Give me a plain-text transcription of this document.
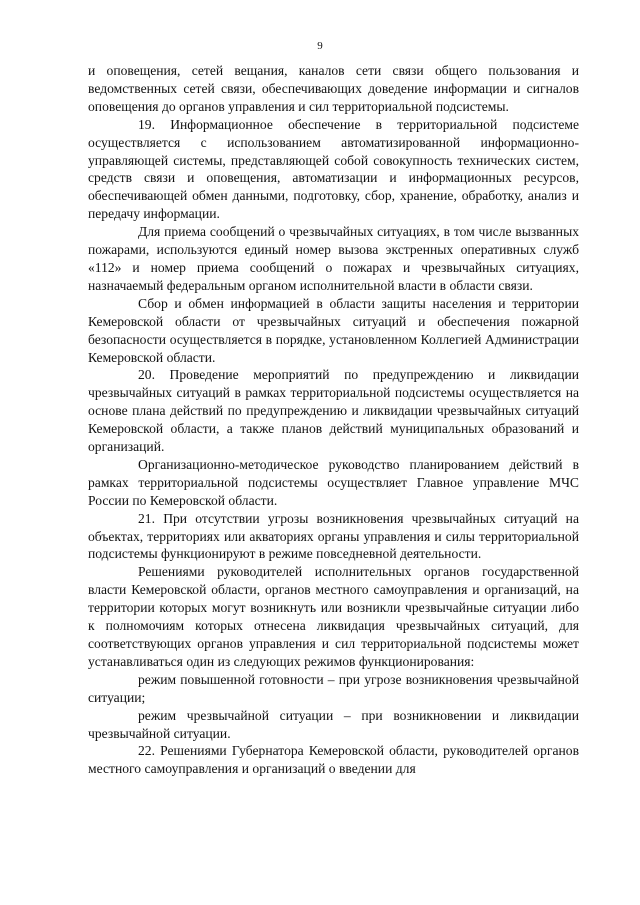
9

и оповещения, сетей вещания, каналов сети связи общего пользования и ведомственных сетей связи, обеспечивающих доведение информации и сигналов оповещения до органов управления и сил территориальной подсистемы.

19. Информационное обеспечение в территориальной подсистеме осуществляется с использованием автоматизированной информационно-управляющей системы, представляющей собой совокупность технических систем, средств связи и оповещения, автоматизации и информационных ресурсов, обеспечивающей обмен данными, подготовку, сбор, хранение, обработку, анализ и передачу информации.

Для приема сообщений о чрезвычайных ситуациях, в том числе вызванных пожарами, используются единый номер вызова экстренных оперативных служб «112» и номер приема сообщений о пожарах и чрезвычайных ситуациях, назначаемый федеральным органом исполнительной власти в области связи.

Сбор и обмен информацией в области защиты населения и территории Кемеровской области от чрезвычайных ситуаций и обеспечения пожарной безопасности осуществляется в порядке, установленном Коллегией Администрации Кемеровской области.

20. Проведение мероприятий по предупреждению и ликвидации чрезвычайных ситуаций в рамках территориальной подсистемы осуществляется на основе плана действий по предупреждению и ликвидации чрезвычайных ситуаций Кемеровской области, а также планов действий муниципальных образований и организаций.

Организационно-методическое руководство планированием действий в рамках территориальной подсистемы осуществляет Главное управление МЧС России по Кемеровской области.

21. При отсутствии угрозы возникновения чрезвычайных ситуаций на объектах, территориях или акваториях органы управления и силы территориальной подсистемы функционируют в режиме повседневной деятельности.

Решениями руководителей исполнительных органов государственной власти Кемеровской области, органов местного самоуправления и организаций, на территории которых могут возникнуть или возникли чрезвычайные ситуации либо к полномочиям которых отнесена ликвидация чрезвычайных ситуаций, для соответствующих органов управления и сил территориальной подсистемы может устанавливаться один из следующих режимов функционирования:

режим повышенной готовности – при угрозе возникновения чрезвычайной ситуации;

режим чрезвычайной ситуации – при возникновении и ликвидации чрезвычайной ситуации.

22. Решениями Губернатора Кемеровской области, руководителей органов местного самоуправления и организаций о введении для
